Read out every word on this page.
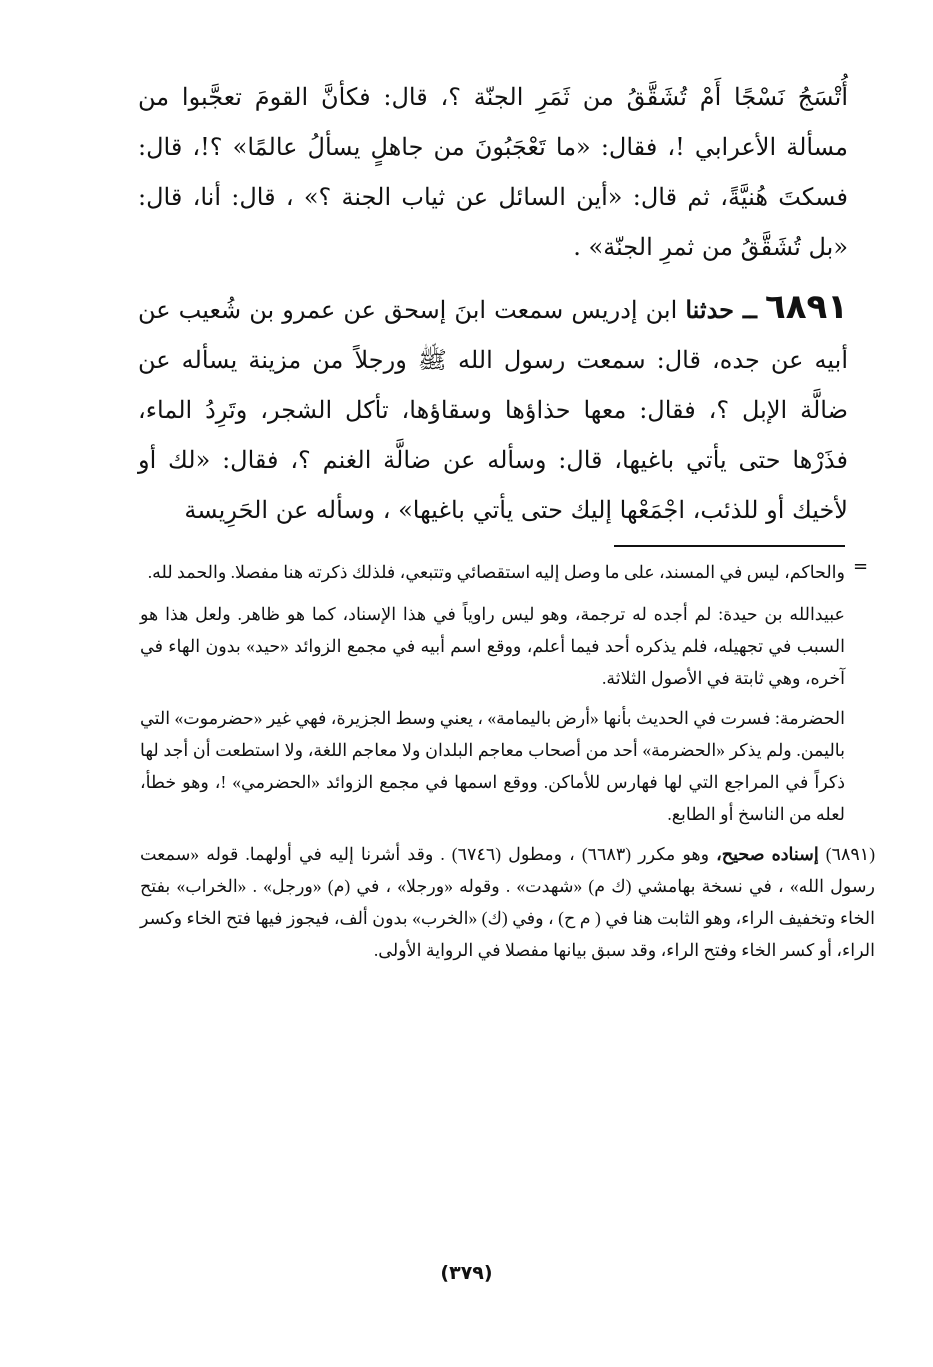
أُتْسَجُ نَسْجًا أَمْ تُشَقَّقُ من ثَمَرِ الجنّة ؟، قال: فكأنَّ القومَ تعجَّبوا من مسألة الأعرابي !، فقال: «ما تَعْجَبُونَ من جاهلٍ يسألُ عالمًا» ؟!، قال: فسكتَ هُنيَّةً، ثم قال: «أين السائل عن ثياب الجنة ؟» ، قال: أنا، قال: «بل تُشَقَّقُ من ثمرِ الجنّة» .

٦٨٩١ ــ حدثنا ابن إدريس سمعت ابنَ إسحق عن عمرو بن شُعيب عن أبيه عن جده، قال: سمعت رسول الله ﷺ ورجلاً من مزينة يسأله عن ضالَّة الإبل ؟، فقال: معها حذاؤها وسقاؤها، تأكل الشجر، وتَرِدُ الماء، فذَرْها حتى يأتي باغيها، قال: وسأله عن ضالَّة الغنم ؟، فقال: «لك أو لأخيك أو للذئب، اجْمَعْها إليك حتى يأتي باغيها» ، وسأله عن الحَرِيسة

=

والحاكم، ليس في المسند، على ما وصل إليه استقصائي وتتبعي، فلذلك ذكرته هنا مفصلا. والحمد لله.

عبيدالله بن حيدة: لم أجده له ترجمة، وهو ليس راوياً في هذا الإسناد، كما هو ظاهر. ولعل هذا هو السبب في تجهيله، فلم يذكره أحد فيما أعلم، ووقع اسم أبيه في مجمع الزوائد «حيد» بدون الهاء في آخره، وهي ثابتة في الأصول الثلاثة.

الحضرمة: فسرت في الحديث بأنها «أرض باليمامة» ، يعني وسط الجزيرة، فهي غير «حضرموت» التي باليمن. ولم يذكر «الحضرمة» أحد من أصحاب معاجم البلدان ولا معاجم اللغة، ولا استطعت أن أجد لها ذكراً في المراجع التي لها فهارس للأماكن. ووقع اسمها في مجمع الزوائد «الحضرمي» !، وهو خطأ، لعله من الناسخ أو الطابع.

(٦٨٩١) إسناده صحيح، وهو مكرر (٦٦٨٣) ، ومطول (٦٧٤٦) . وقد أشرنا إليه في أولهما. قوله «سمعت رسول الله» ، في نسخة بهامشي (ك م) «شهدت» . وقوله «ورجلا» ، في (م) «ورجل» . «الخراب» بفتح الخاء وتخفيف الراء، وهو الثابت هنا في ( م ح) ، وفي (ك) «الخرب» بدون ألف، فيجوز فيها فتح الخاء وكسر الراء، أو كسر الخاء وفتح الراء، وقد سبق بيانها مفصلا في الرواية الأولى.

(٣٧٩)
